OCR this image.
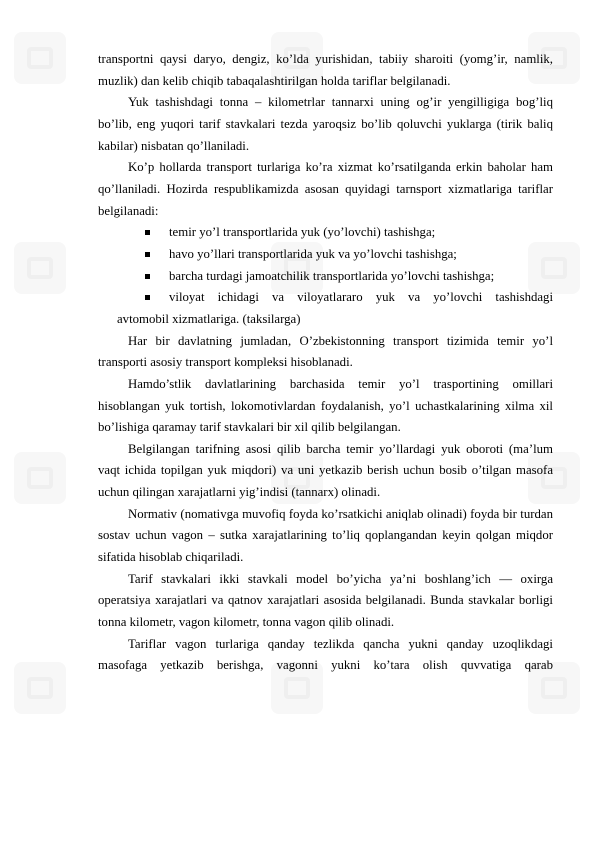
transportni qaysi daryo, dengiz, ko’lda yurishidan, tabiiy sharoiti (yomg’ir, namlik, muzlik) dan kelib chiqib tabaqalashtirilgan holda tariflar belgilanadi.

Yuk tashishdagi tonna – kilometrlar tannarxi uning og’ir yengilligiga bog’liq bo’lib, eng yuqori tarif stavkalari tezda yaroqsiz bo’lib qoluvchi yuklarga (tirik baliq kabilar) nisbatan qo’llaniladi.

Ko’p hollarda transport turlariga ko’ra xizmat ko’rsatilganda erkin baholar ham qo’llaniladi. Hozirda respublikamizda asosan quyidagi tarnsport xizmatlariga tariflar belgilanadi:

temir yo’l transportlarida yuk (yo’lovchi) tashishga;
havo yo’llari transportlarida yuk va yo’lovchi tashishga;
barcha turdagi jamoatchilik transportlarida yo’lovchi tashishga;
viloyat ichidagi va viloyatlararo yuk va yo’lovchi tashishdagi

avtomobil xizmatlariga. (taksilarga)

Har bir davlatning jumladan, O’zbekistonning transport tizimida temir yo’l transporti asosiy transport kompleksi hisoblanadi.

Hamdo’stlik davlatlarining barchasida temir yo’l trasportining omillari hisoblangan yuk tortish, lokomotivlardan foydalanish, yo’l uchastkalarining xilma xil bo’lishiga qaramay tarif stavkalari bir xil qilib belgilangan.

Belgilangan tarifning asosi qilib barcha temir yo’llardagi yuk oboroti (ma’lum vaqt ichida topilgan yuk miqdori) va uni yetkazib berish uchun bosib o’tilgan masofa uchun qilingan xarajatlarni yig’indisi (tannarx) olinadi.

Normativ (nomativga muvofiq foyda ko’rsatkichi aniqlab olinadi) foyda bir turdan sostav uchun vagon – sutka xarajatlarining to’liq qoplangandan keyin qolgan miqdor sifatida hisoblab chiqariladi.

Tarif stavkalari ikki stavkali model bo’yicha ya’ni boshlang’ich — oxirga operatsiya xarajatlari va qatnov xarajatlari asosida belgilanadi. Bunda stavkalar borligi tonna kilometr, vagon kilometr, tonna vagon qilib olinadi.

Tariflar vagon turlariga qanday tezlikda qancha yukni qanday uzoqlikdagi masofaga yetkazib berishga, vagonni yukni ko’tara olish quvvatiga qarab
